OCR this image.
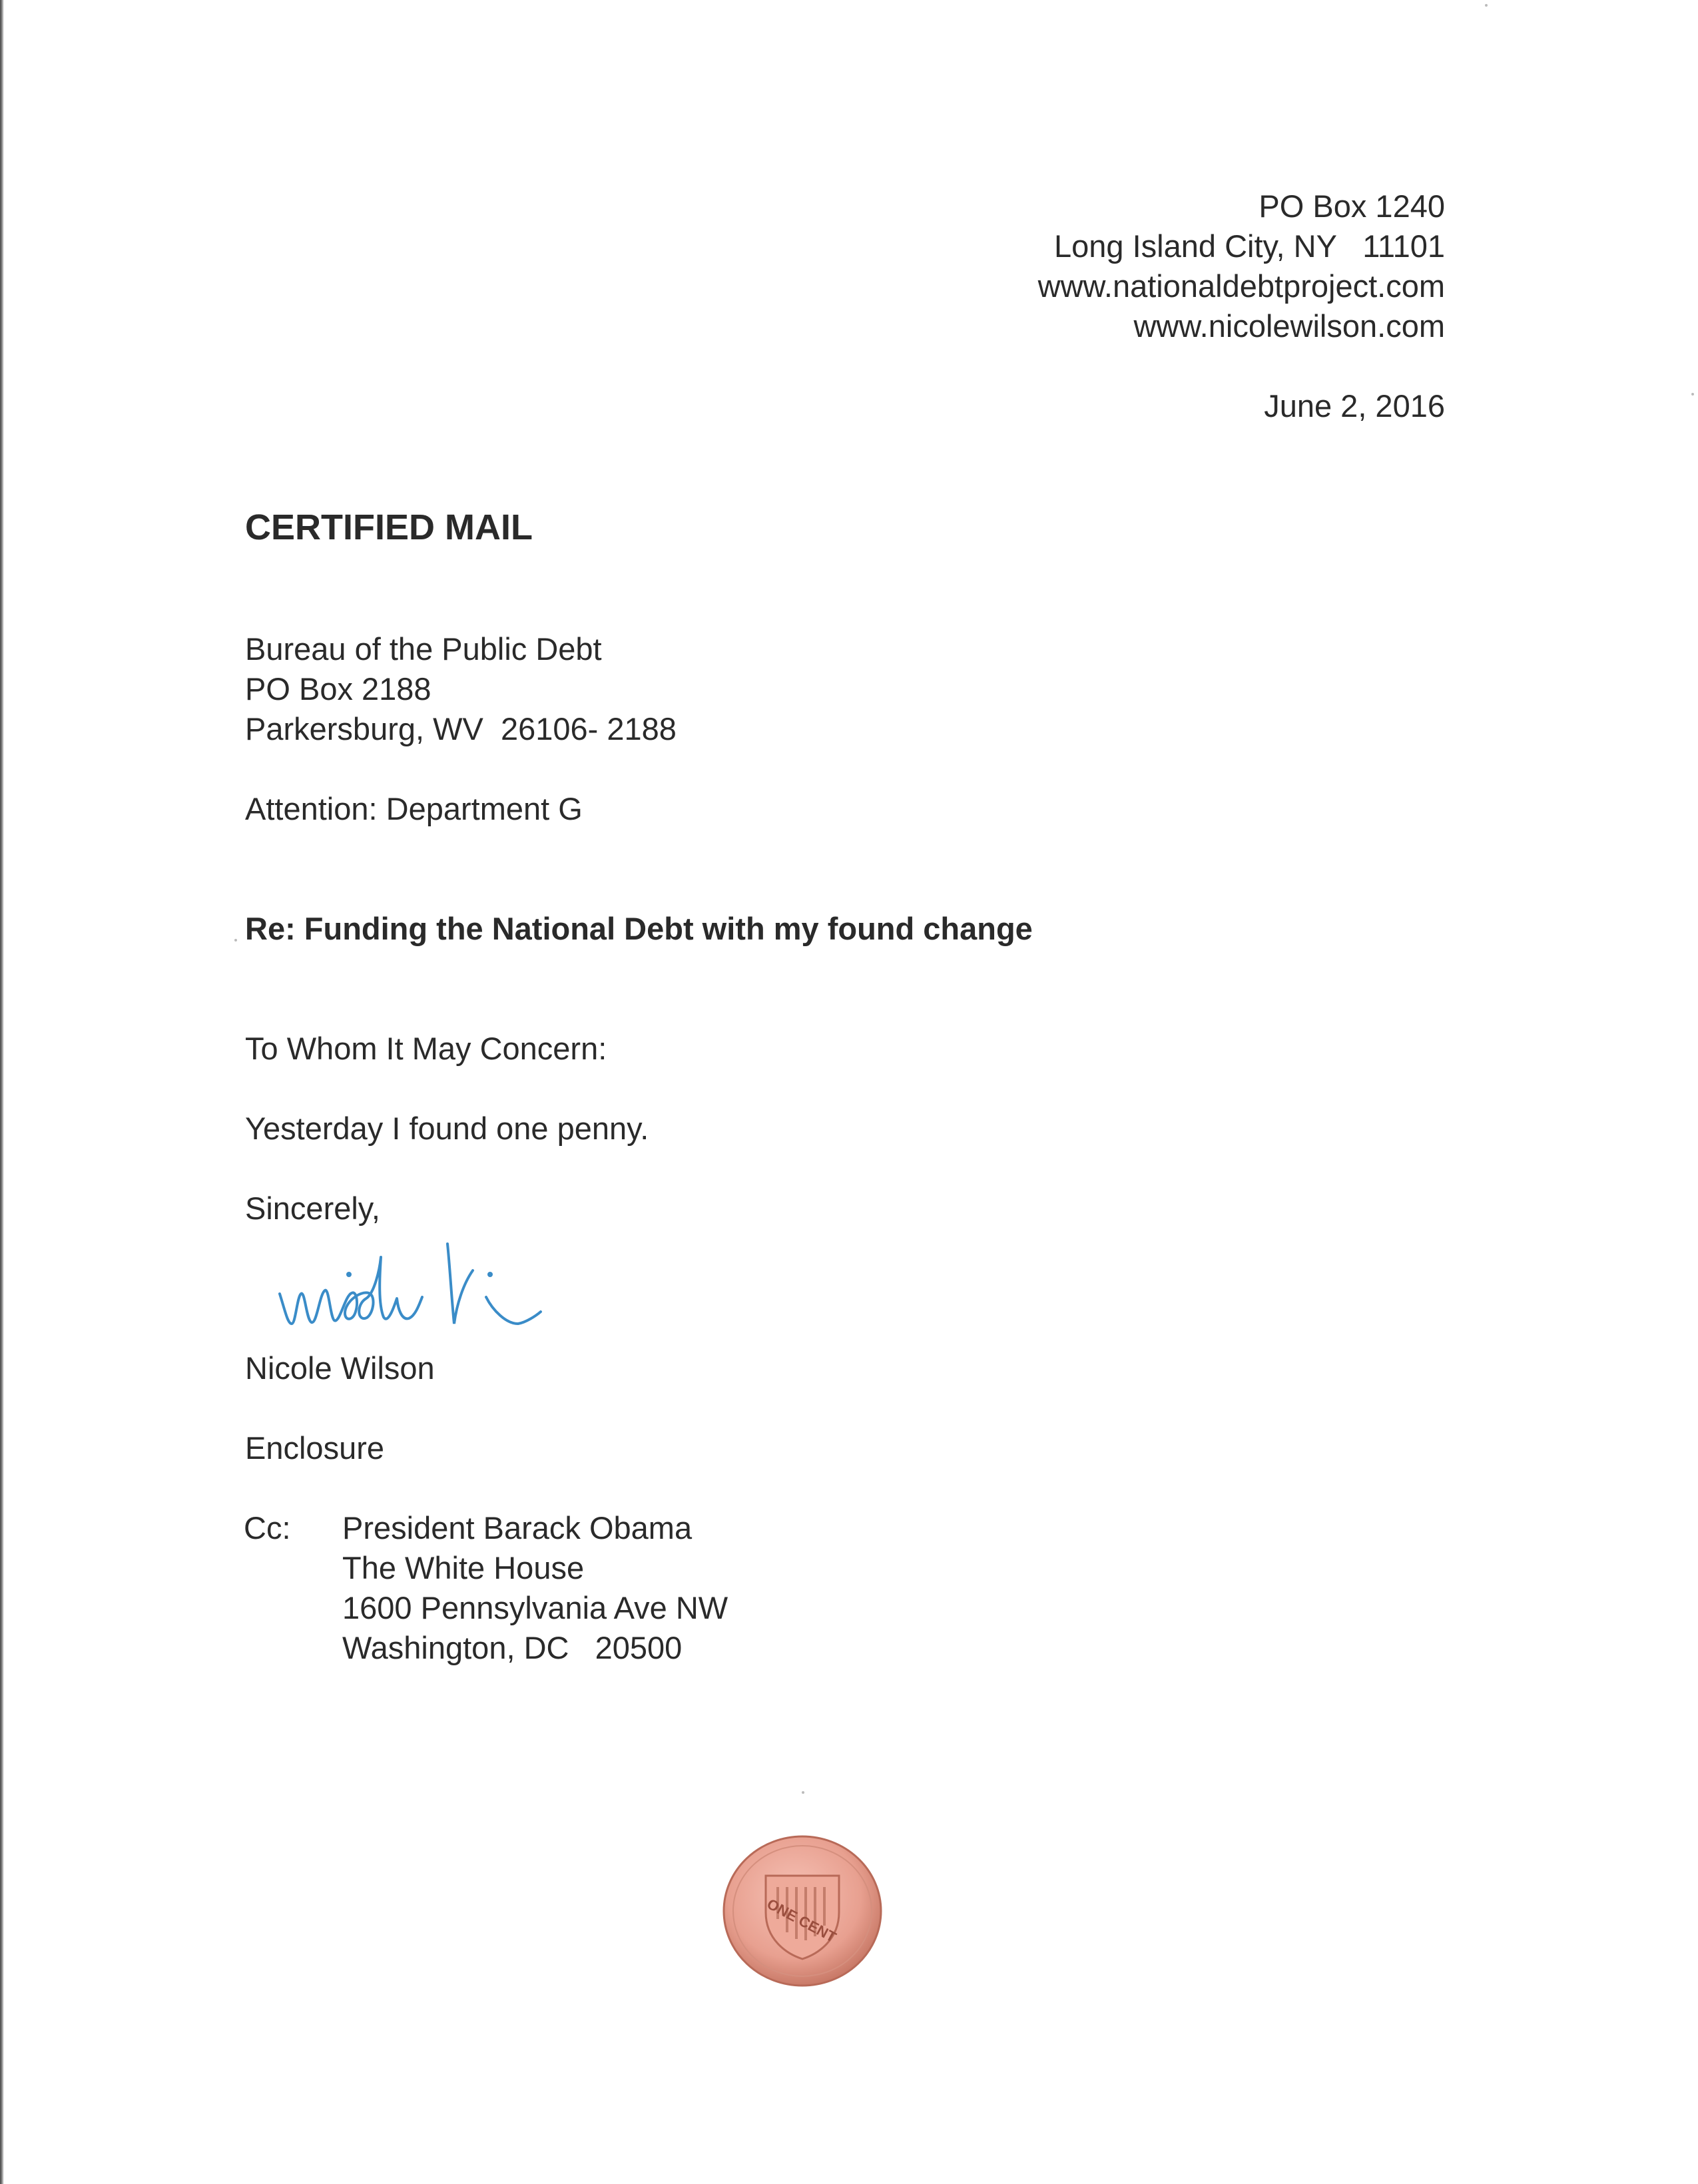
PO Box 1240
Long Island City, NY   11101
www.nationaldebtproject.com
www.nicolewilson.com
June 2, 2016
CERTIFIED MAIL
Bureau of the Public Debt
PO Box 2188
Parkersburg, WV  26106- 2188
Attention: Department G
Re: Funding the National Debt with my found change
To Whom It May Concern:
Yesterday I found one penny.
Sincerely,
Nicole Wilson
Enclosure
Cc: President Barack Obama
The White House
1600 Pennsylvania Ave NW
Washington, DC   20500
ONE CENT
